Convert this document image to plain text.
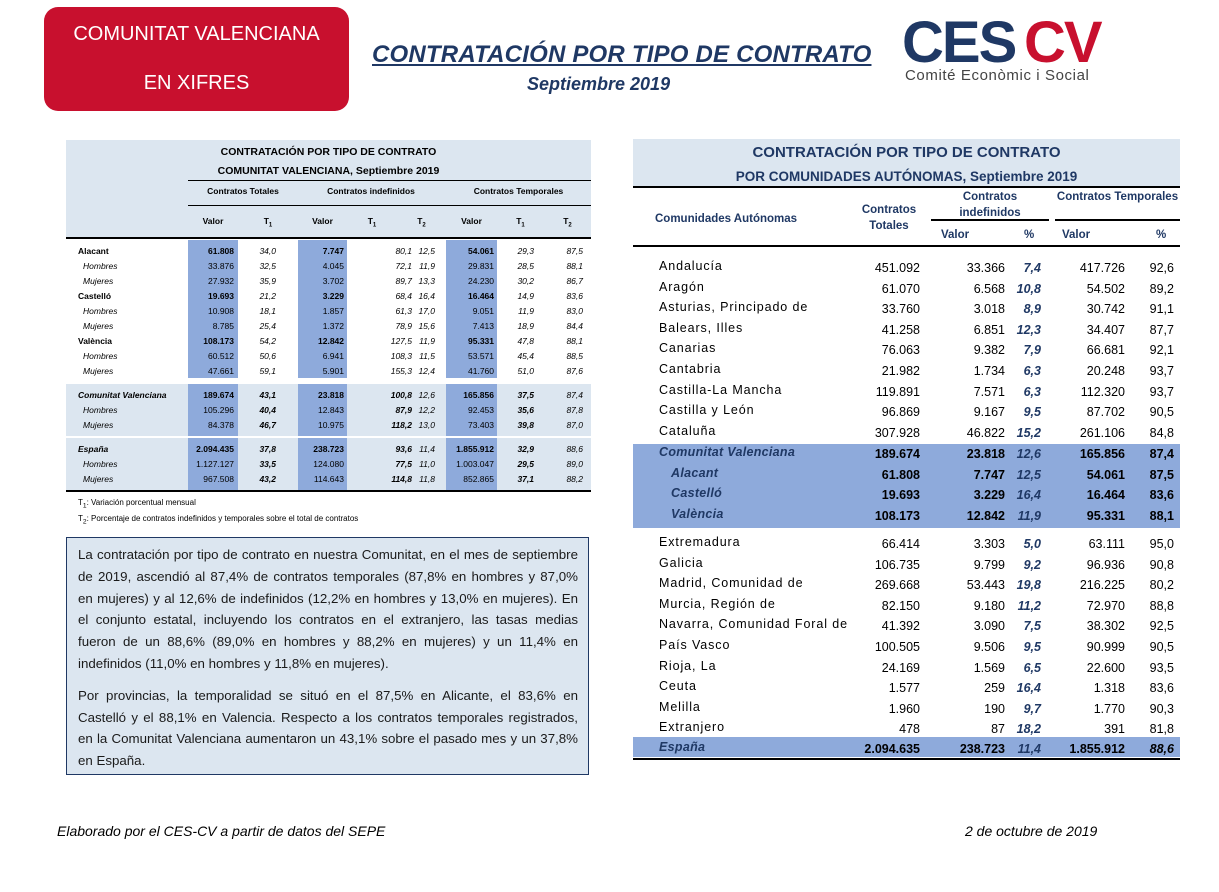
COMUNITAT VALENCIANA
EN XIFRES
CONTRATACIÓN POR TIPO DE CONTRATO
Septiembre 2019
CES CV
Comité Econòmic i Social
CONTRATACIÓN POR TIPO DE CONTRATO
COMUNITAT VALENCIANA, Septiembre 2019
Contratos Totales	Contratos indefinidos	Contratos Temporales
Valor	$T_1$	Valor	$T_1$	$T_2$	Valor	$T_1$	$T_2$
Alacant	61.808	34,0	7.747	80,1 12,5	54.061	29,3	87,5
Hombres	33.876	32,5	4.045	72,1 11,9	29.831	28,5	88,1
Mujeres	27.932	35,9	3.702	89,7 13,3	24.230	30,2	86,7
Castelló	19.693	21,2	3.229	68,4 16,4	16.464	14,9	83,6
Hombres	10.908	18,1	1.857	61,3 17,0	9.051	11,9	83,0
Mujeres	8.785	25,4	1.372	78,9 15,6	7.413	18,9	84,4
València	108.173	54,2	12.842	127,5 11,9	95.331	47,8	88,1
Hombres	60.512	50,6	6.941	108,3 11,5	53.571	45,4	88,5
Mujeres	47.661	59,1	5.901	155,3 12,4	41.760	51,0	87,6
Comunitat Valenciana	189.674	43,1	23.818	100,8 12,6	165.856	37,5	87,4
Hombres	105.296	40,4	12.843	87,9 12,2	92.453	35,6	87,8
Mujeres	84.378	46,7	10.975	118,2 13,0	73.403	39,8	87,0
España	2.094.435	37,8	238.723	93,6 11,4 1.855.912	32,9	88,6
Hombres	1.127.127	33,5	124.080	77,5 11,0 1.003.047	29,5	89,0
Mujeres	967.508	43,2	114.643	114,8 11,8	852.865	37,1	88,2
$T_1$: Variación porcentual mensual
$T_2$: Porcentaje de contratos indefinidos y temporales sobre el total de contratos

La contratación por tipo de contrato en nuestra Comunitat, en el mes de septiembre de 2019, ascendió al 87,4% de contratos temporales (87,8% en hombres y 87,0% en mujeres) y al 12,6% de indefinidos (12,2% en hombres y 13,0% en mujeres). En el conjunto estatal, incluyendo los contratos en el extranjero, las tasas medias fueron de un 88,6% (89,0% en hombres y 88,2% en mujeres) y un 11,4% en indefinidos (11,0% en hombres y 11,8% en mujeres).

Por provincias, la temporalidad se situó en el 87,5% en Alicante, el 83,6% en Castelló y el 88,1% en Valencia. Respecto a los contratos temporales registrados, en la Comunitat Valenciana aumentaron un 43,1% sobre el pasado mes y un 37,8% en España.

CONTRATACIÓN POR TIPO DE CONTRATO
POR COMUNIDADES AUTÓNOMAS, Septiembre 2019
Comunidades Autónomas
Contratos Totales
Contratos indefinidos
Contratos Temporales
Valor	% Valor	%
Andalucía	451.092	33.366 7,4	417.726 92,6
Aragón	61.070	6.568 10,8	54.502 89,2
Asturias, Principado de	33.760	3.018 8,9	30.742 91,1
Balears, Illes	41.258	6.851 12,3	34.407 87,7
Canarias	76.063	9.382 7,9	66.681 92,1
Cantabria	21.982	1.734 6,3	20.248 93,7
Castilla-La Mancha	119.891	7.571 6,3	112.320 93,7
Castilla y León	96.869	9.167 9,5	87.702 90,5
Cataluña	307.928	46.822 15,2	261.106 84,8
Comunitat Valenciana	189.674	23.818 12,6	165.856 87,4
Alacant	61.808	7.747 12,5	54.061 87,5
Castelló	19.693	3.229 16,4	16.464 83,6
València	108.173	12.842 11,9	95.331 88,1
Extremadura	66.414	3.303 5,0	63.111 95,0
Galicia	106.735	9.799 9,2	96.936 90,8
Madrid, Comunidad de	269.668	53.443 19,8	216.225 80,2
Murcia, Región de	82.150	9.180 11,2	72.970 88,8
Navarra, Comunidad Foral de	41.392	3.090 7,5	38.302 92,5
País Vasco	100.505	9.506 9,5	90.999 90,5
Rioja, La	24.169	1.569 6,5	22.600 93,5
Ceuta	1.577	259 16,4	1.318 83,6
Melilla	1.960	190 9,7	1.770 90,3
Extranjero	478	87 18,2	391 81,8
España	2.094.635	238.723 11,4 1.855.912 88,6
Elaborado por el CES-CV a partir de datos del SEPE	2 de octubre de 2019
